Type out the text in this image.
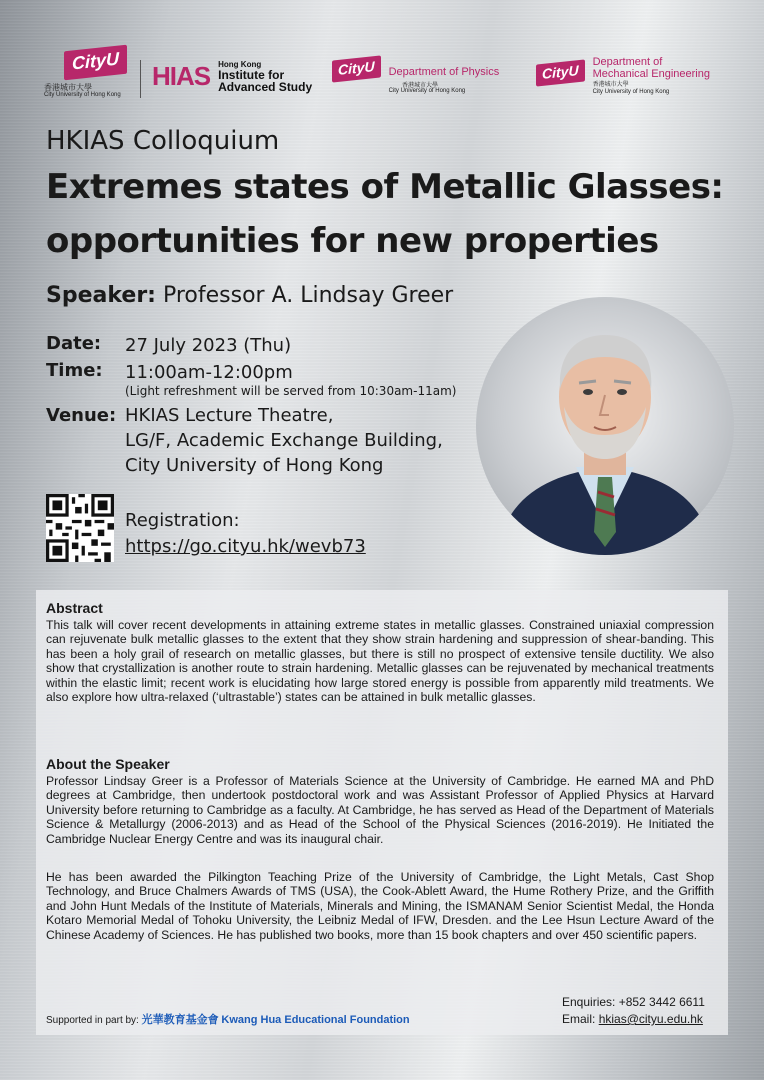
CityU
香港城市大學
City University of Hong Kong
HIAS Hong Kong
Institute for
Advanced Study
CityU
香港城市大學
Department of Physics
City University of Hong Kong
CityU
Department of
Mechanical Engineering
香港城市大學
City University of Hong Kong
HKIAS Colloquium
Extremes states of Metallic Glasses:
opportunities for new properties
Speaker: Professor A. Lindsay Greer
Date: 27 July 2023 (Thu)
Time: 11:00am-12:00pm
(Light refreshment will be served from 10:30am-11am)
Venue: HKIAS Lecture Theatre,
LG/F, Academic Exchange Building,
City University of Hong Kong
Registration:
https://go.cityu.hk/wevb73
Abstract
This talk will cover recent developments in attaining extreme states in metallic glasses. Constrained uniaxial compression can rejuvenate bulk metallic glasses to the extent that they show strain hardening and suppression of shear-banding. This has been a holy grail of research on metallic glasses, but there is still no prospect of extensive tensile ductility. We also show that crystallization is another route to strain hardening. Metallic glasses can be rejuvenated by mechanical treatments within the elastic limit; recent work is elucidating how large stored energy is possible from apparently mild treatments. We also explore how ultra-relaxed (‘ultrastable’) states can be attained in bulk metallic glasses.
About the Speaker
Professor Lindsay Greer is a Professor of Materials Science at the University of Cambridge. He earned MA and PhD degrees at Cambridge, then undertook postdoctoral work and was Assistant Professor of Applied Physics at Harvard University before returning to Cambridge as a faculty. At Cambridge, he has served as Head of the Department of Materials Science & Metallurgy (2006-2013) and as Head of the School of the Physical Sciences (2016-2019). He Initiated the Cambridge Nuclear Energy Centre and was its inaugural chair.
He has been awarded the Pilkington Teaching Prize of the University of Cambridge, the Light Metals, Cast Shop Technology, and Bruce Chalmers Awards of TMS (USA), the Cook-Ablett Award, the Hume Rothery Prize, and the Griffith and John Hunt Medals of the Institute of Materials, Minerals and Mining, the ISMANAM Senior Scientist Medal, the Honda Kotaro Memorial Medal of Tohoku University, the Leibniz Medal of IFW, Dresden. and the Lee Hsun Lecture Award of the Chinese Academy of Sciences. He has published two books, more than 15 book chapters and over 450 scientific papers.
Supported in part by: 光華教育基金會 Kwang Hua Educational Foundation
Enquiries: +852 3442 6611
Email: hkias@cityu.edu.hk
